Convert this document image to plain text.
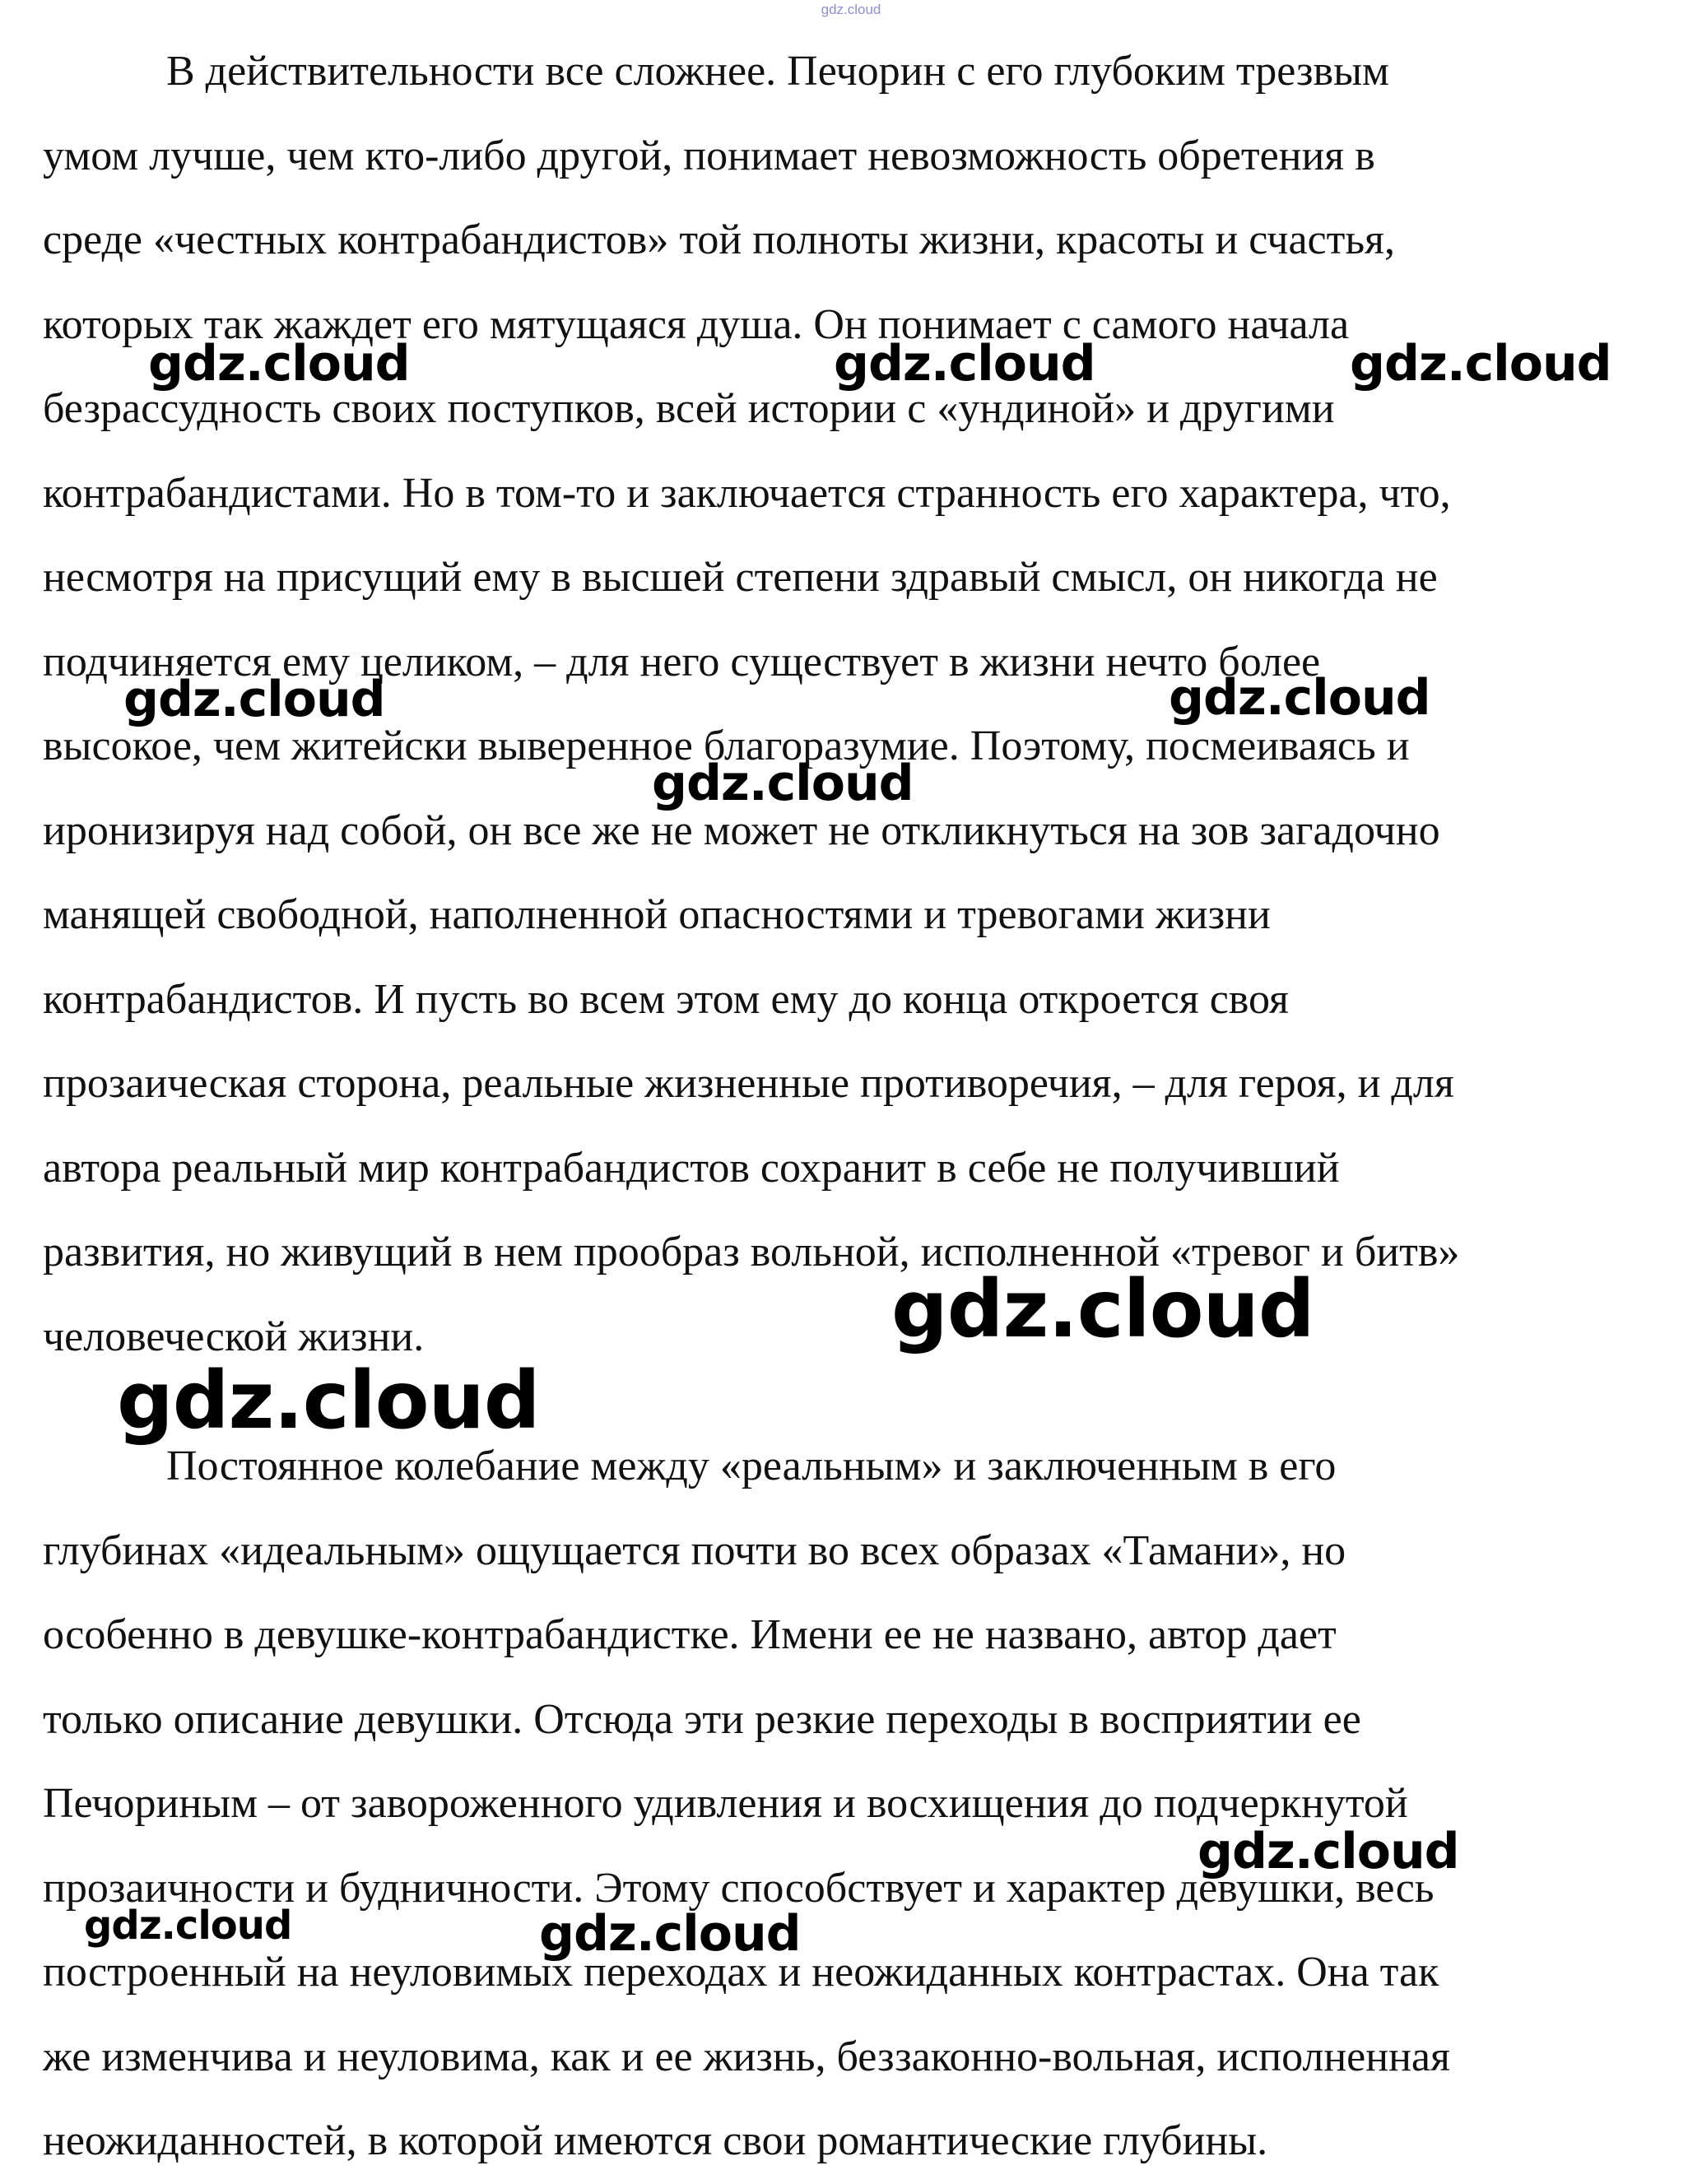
gdz.cloud
В действительности все сложнее. Печорин с его глубоким трезвым
умом лучше, чем кто-либо другой, понимает невозможность обретения в
среде «честных контрабандистов» той полноты жизни, красоты и счастья,
которых так жаждет его мятущаяся душа. Он понимает с самого начала
безрассудность своих поступков, всей истории с «ундиной» и другими
контрабандистами. Но в том-то и заключается странность его характера, что,
несмотря на присущий ему в высшей степени здравый смысл, он никогда не
подчиняется ему целиком, – для него существует в жизни нечто более
высокое, чем житейски выверенное благоразумие. Поэтому, посмеиваясь и
иронизируя над собой, он все же не может не откликнуться на зов загадочно
манящей свободной, наполненной опасностями и тревогами жизни
контрабандистов. И пусть во всем этом ему до конца откроется своя
прозаическая сторона, реальные жизненные противоречия, – для героя, и для
автора реальный мир контрабандистов сохранит в себе не получивший
развития, но живущий в нем прообраз вольной, исполненной «тревог и битв»
человеческой жизни.
Постоянное колебание между «реальным» и заключенным в его
глубинах «идеальным» ощущается почти во всех образах «Тамани», но
особенно в девушке-контрабандистке. Имени ее не названо, автор дает
только описание девушки. Отсюда эти резкие переходы в восприятии ее
Печориным – от завороженного удивления и восхищения до подчеркнутой
прозаичности и будничности. Этому способствует и характер девушки, весь
построенный на неуловимых переходах и неожиданных контрастах. Она так
же изменчива и неуловима, как и ее жизнь, беззаконно-вольная, исполненная
неожиданностей, в которой имеются свои романтические глубины.
gdz.cloud	gdz.cloud	gdz.cloud
gdz.cloud	gdz.cloud
gdz.cloud
gdz.cloud
gdz.cloud
gdz.cloud
gdz.cloud	gdz.cloud
